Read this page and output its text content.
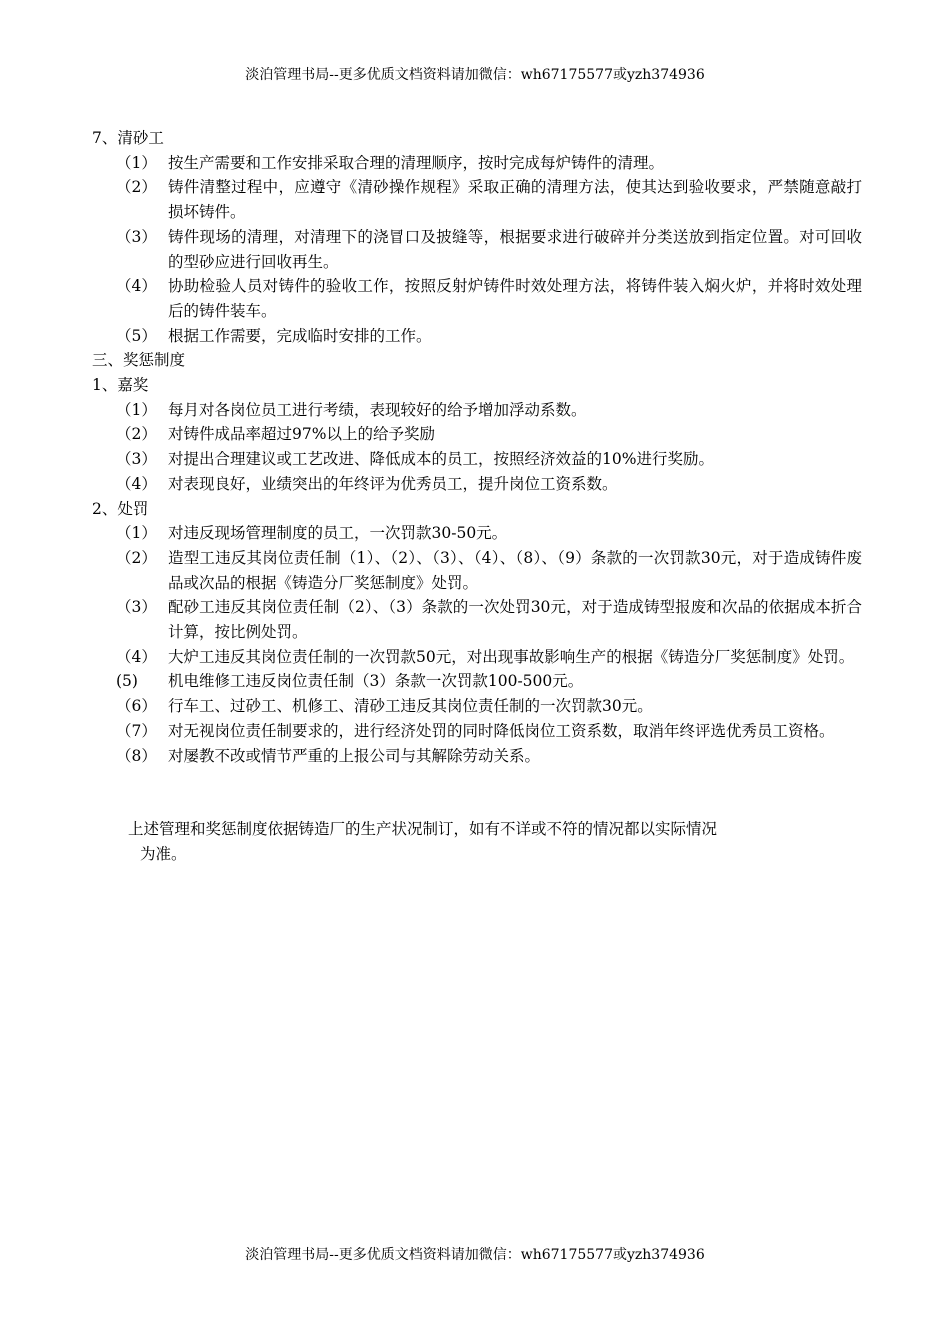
淡泊管理书局--更多优质文档资料请加微信：wh67175577或yzh374936
7、清砂工
（1） 按生产需要和工作安排采取合理的清理顺序，按时完成每炉铸件的清理。
（2） 铸件清整过程中，应遵守《清砂操作规程》采取正确的清理方法，使其达到验收要求，严禁随意敲打损坏铸件。
（3） 铸件现场的清理，对清理下的浇冒口及披缝等，根据要求进行破碎并分类送放到指定位置。对可回收的型砂应进行回收再生。
（4） 协助检验人员对铸件的验收工作，按照反射炉铸件时效处理方法，将铸件装入焖火炉，并将时效处理后的铸件装车。
（5） 根据工作需要，完成临时安排的工作。
三、奖惩制度
1、嘉奖
（1） 每月对各岗位员工进行考绩，表现较好的给予增加浮动系数。
（2） 对铸件成品率超过97%以上的给予奖励
（3） 对提出合理建议或工艺改进、降低成本的员工，按照经济效益的10%进行奖励。
（4） 对表现良好，业绩突出的年终评为优秀员工，提升岗位工资系数。
2、处罚
（1） 对违反现场管理制度的员工，一次罚款30-50元。
（2） 造型工违反其岗位责任制（1）、（2）、（3）、（4）、（8）、（9）条款的一次罚款30元，对于造成铸件废品或次品的根据《铸造分厂奖惩制度》处罚。
（3） 配砂工违反其岗位责任制（2）、（3）条款的一次处罚30元，对于造成铸型报废和次品的依据成本折合计算，按比例处罚。
（4） 大炉工违反其岗位责任制的一次罚款50元，对出现事故影响生产的根据《铸造分厂奖惩制度》处罚。
(5) 机电维修工违反岗位责任制（3）条款一次罚款100-500元。
（6） 行车工、过砂工、机修工、清砂工违反其岗位责任制的一次罚款30元。
（7） 对无视岗位责任制要求的，进行经济处罚的同时降低岗位工资系数，取消年终评选优秀员工资格。
（8） 对屡教不改或情节严重的上报公司与其解除劳动关系。
上述管理和奖惩制度依据铸造厂的生产状况制订，如有不详或不符的情况都以实际情况
为准。
淡泊管理书局--更多优质文档资料请加微信：wh67175577或yzh374936
